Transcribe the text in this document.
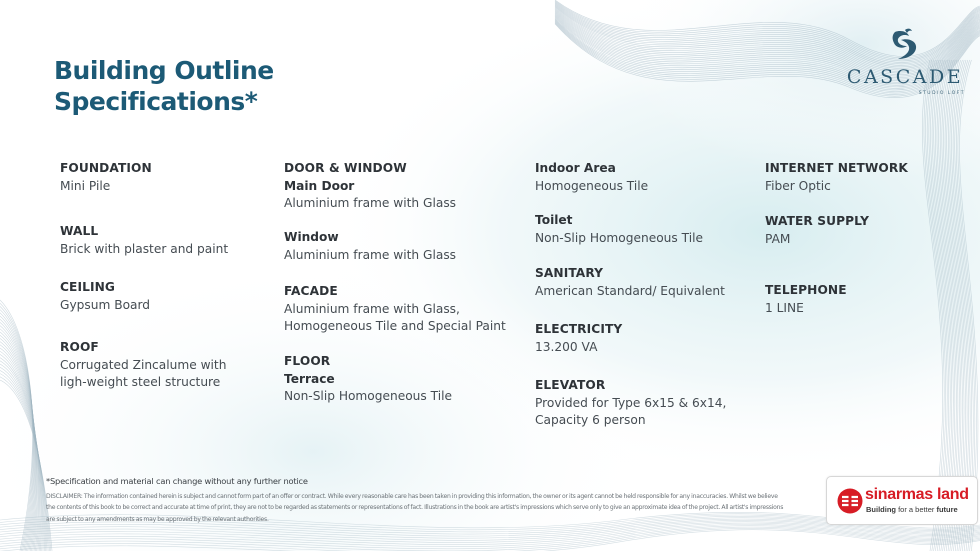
Building Outline
Specifications*
CASCADE
STUDIO LOFT
FOUNDATION
Mini Pile
WALL
Brick with plaster and paint
CEILING
Gypsum Board
ROOF
Corrugated Zincalume with
ligh-weight steel structure
DOOR & WINDOW
Main Door
Aluminium frame with Glass
Window
Aluminium frame with Glass
FACADE
Aluminium frame with Glass,
Homogeneous Tile and Special Paint
FLOOR
Terrace
Non-Slip Homogeneous Tile
Indoor Area
Homogeneous Tile
Toilet
Non-Slip Homogeneous Tile
SANITARY
American Standard/ Equivalent
ELECTRICITY
13.200 VA
ELEVATOR
Provided for Type 6x15 & 6x14,
Capacity 6 person
INTERNET NETWORK
Fiber Optic
WATER SUPPLY
PAM
TELEPHONE
1 LINE
*Specification and material can change without any further notice
DISCLAIMER: The information contained herein is subject and cannot form part of an offer or contract. While every reasonable care has been taken in providing this information, the owner or its agent cannot be held responsible for any inaccuracies. Whilst we believe the contents of this book to be correct and accurate at time of print, they are not to be regarded as statements or representations of fact. Illustrations in the book are artist's impressions which serve only to give an approximate idea of the project. All artist's impressions are subject to any amendments as may be approved by the relevant authorities.
sinarmas land
Building for a better future
